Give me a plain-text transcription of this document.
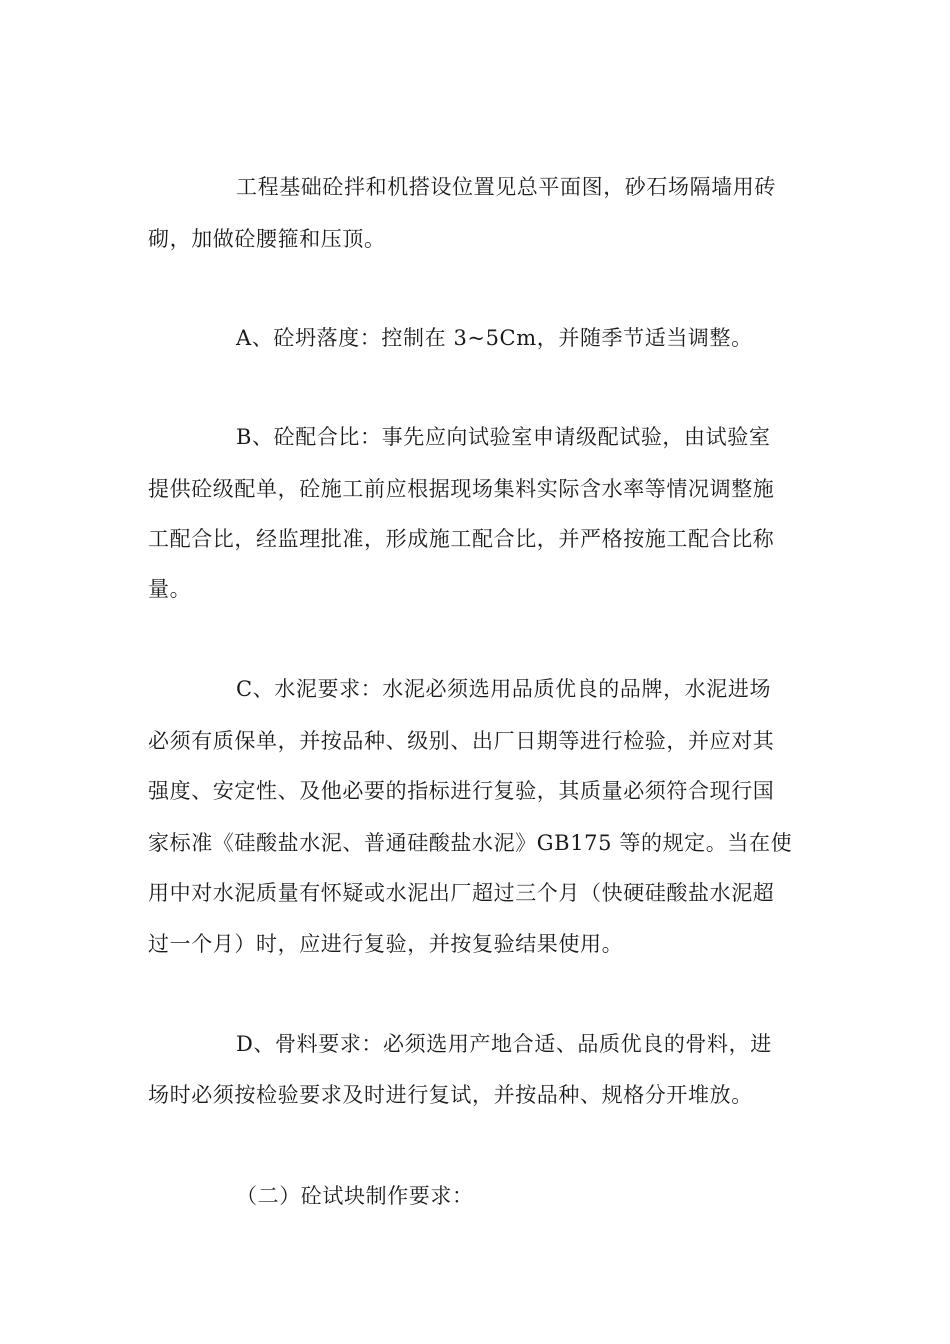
工程基础砼拌和机搭设位置见总平面图，砂石场隔墙用砖
砌，加做砼腰箍和压顶。
A、砼坍落度：控制在 3~5Cm，并随季节适当调整。
B、砼配合比：事先应向试验室申请级配试验，由试验室
提供砼级配单，砼施工前应根据现场集料实际含水率等情况调整施
工配合比，经监理批准，形成施工配合比，并严格按施工配合比称
量。
C、水泥要求：水泥必须选用品质优良的品牌，水泥进场
必须有质保单，并按品种、级别、出厂日期等进行检验，并应对其
强度、安定性、及他必要的指标进行复验，其质量必须符合现行国
家标准《硅酸盐水泥、普通硅酸盐水泥》GB175 等的规定。当在使
用中对水泥质量有怀疑或水泥出厂超过三个月（快硬硅酸盐水泥超
过一个月）时，应进行复验，并按复验结果使用。
D、骨料要求：必须选用产地合适、品质优良的骨料，进
场时必须按检验要求及时进行复试，并按品种、规格分开堆放。
（二）砼试块制作要求：
